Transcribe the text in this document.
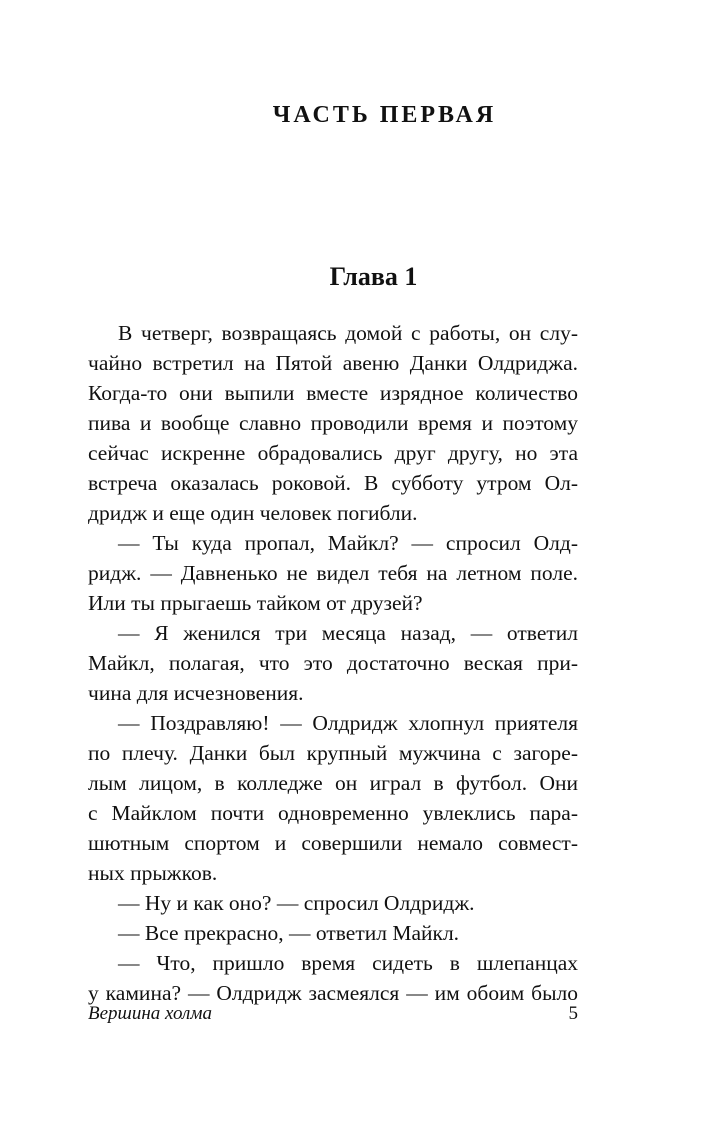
ЧАСТЬ ПЕРВАЯ
Глава 1
В четверг, возвращаясь домой с работы, он слу-
чайно встретил на Пятой авеню Данки Олдриджа.
Когда-то они выпили вместе изрядное количество
пива и вообще славно проводили время и поэтому
сейчас искренне обрадовались друг другу, но эта
встреча оказалась роковой. В субботу утром Ол-
дридж и еще один человек погибли.
— Ты куда пропал, Майкл? — спросил Олд-
ридж. — Давненько не видел тебя на летном поле.
Или ты прыгаешь тайком от друзей?
— Я женился три месяца назад, — ответил
Майкл, полагая, что это достаточно веская при-
чина для исчезновения.
— Поздравляю! — Олдридж хлопнул приятеля
по плечу. Данки был крупный мужчина с загоре-
лым лицом, в колледже он играл в футбол. Они
с Майклом почти одновременно увлеклись пара-
шютным спортом и совершили немало совмест-
ных прыжков.
— Ну и как оно? — спросил Олдридж.
— Все прекрасно, — ответил Майкл.
— Что, пришло время сидеть в шлепанцах
у камина? — Олдридж засмеялся — им обоим было
Вершина холма	5
